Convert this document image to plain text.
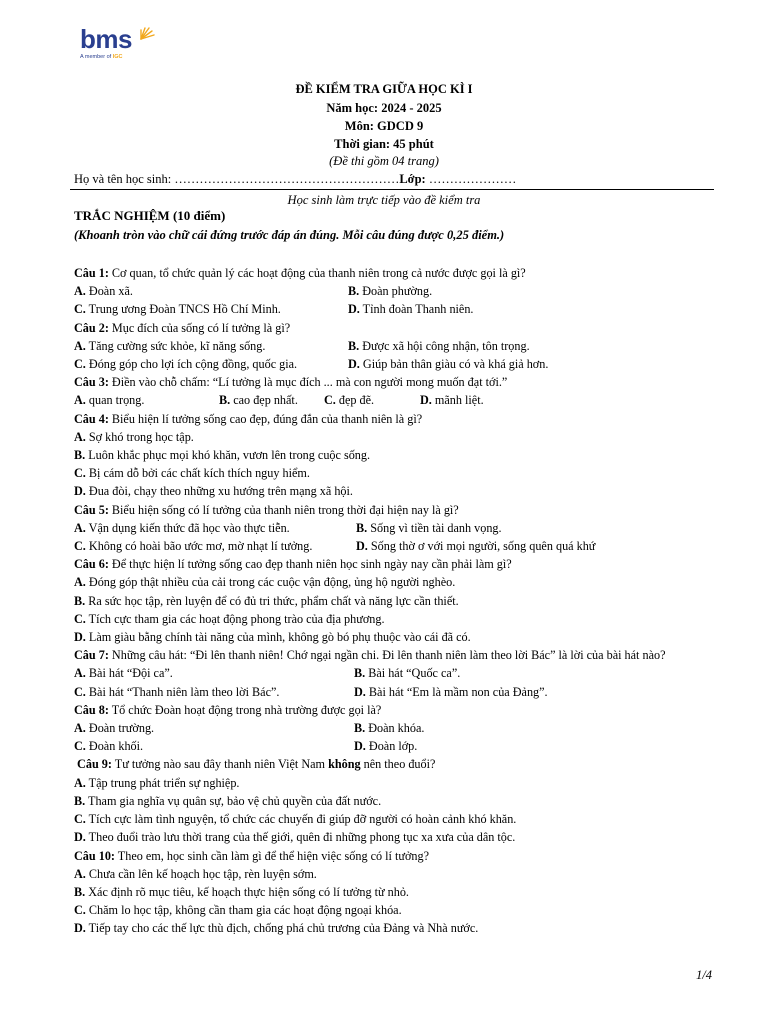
bms
A member of IGC
ĐỀ KIỂM TRA GIỮA HỌC KÌ I
Năm học: 2024 - 2025
Môn: GDCD 9
Thời gian: 45 phút
(Đề thi gồm 04 trang)
Họ và tên học sinh: ………………………………………………Lớp: …………………
Học sinh làm trực tiếp vào đề kiểm tra
TRẮC NGHIỆM (10 điểm)
(Khoanh tròn vào chữ cái đứng trước đáp án đúng. Mỗi câu đúng được 0,25 điểm.)
Câu 1: Cơ quan, tổ chức quản lý các hoạt động của thanh niên trong cả nước được gọi là gì?
A. Đoàn xã.	B. Đoàn phường.
C. Trung ương Đoàn TNCS Hồ Chí Minh.	D. Tỉnh đoàn Thanh niên.
Câu 2: Mục đích của sống có lí tưởng là gì?
A. Tăng cường sức khỏe, kĩ năng sống.	B. Được xã hội công nhận, tôn trọng.
C. Đóng góp cho lợi ích cộng đồng, quốc gia.	D. Giúp bản thân giàu có và khá giả hơn.
Câu 3: Điền vào chỗ chấm: “Lí tưởng là mục đích ... mà con người mong muốn đạt tới.”
A. quan trọng.	B. cao đẹp nhất.	C. đẹp đẽ.	D. mãnh liệt.
Câu 4: Biểu hiện lí tưởng sống cao đẹp, đúng đắn của thanh niên là gì?
A. Sợ khó trong học tập.
B. Luôn khắc phục mọi khó khăn, vươn lên trong cuộc sống.
C. Bị cám dỗ bởi các chất kích thích nguy hiểm.
D. Đua đòi, chạy theo những xu hướng trên mạng xã hội.
Câu 5: Biểu hiện sống có lí tưởng của thanh niên trong thời đại hiện nay là gì?
A. Vận dụng kiến thức đã học vào thực tiễn.	B. Sống vì tiền tài danh vọng.
C. Không có hoài bão ước mơ, mờ nhạt lí tưởng.	D. Sống thờ ơ với mọi người, sống quên quá khứ
Câu 6: Để thực hiện lí tưởng sống cao đẹp thanh niên học sinh ngày nay cần phải làm gì?
A. Đóng góp thật nhiều của cải trong các cuộc vận động, ủng hộ người nghèo.
B. Ra sức học tập, rèn luyện để có đủ tri thức, phẩm chất và năng lực cần thiết.
C. Tích cực tham gia các hoạt động phong trào của địa phương.
D. Làm giàu bằng chính tài năng của mình, không gò bó phụ thuộc vào cái đã có.
Câu 7: Những câu hát: “Đi lên thanh niên! Chớ ngại ngần chi. Đi lên thanh niên làm theo lời Bác” là lời của bài hát nào?
A. Bài hát “Đội ca”.	B. Bài hát “Quốc ca”.
C. Bài hát “Thanh niên làm theo lời Bác”.	D. Bài hát “Em là mầm non của Đảng”.
Câu 8: Tổ chức Đoàn hoạt động trong nhà trường được gọi là?
A. Đoàn trường.	B. Đoàn khóa.
C. Đoàn khối.	D. Đoàn lớp.
Câu 9: Tư tưởng nào sau đây thanh niên Việt Nam không nên theo đuổi?
A. Tập trung phát triển sự nghiệp.
B. Tham gia nghĩa vụ quân sự, bảo vệ chủ quyền của đất nước.
C. Tích cực làm tình nguyện, tổ chức các chuyến đi giúp đỡ người có hoàn cảnh khó khăn.
D. Theo đuổi trào lưu thời trang của thế giới, quên đi những phong tục xa xưa của dân tộc.
Câu 10: Theo em, học sinh cần làm gì để thể hiện việc sống có lí tưởng?
A. Chưa cần lên kế hoạch học tập, rèn luyện sớm.
B. Xác định rõ mục tiêu, kế hoạch thực hiện sống có lí tưởng từ nhỏ.
C. Chăm lo học tập, không cần tham gia các hoạt động ngoại khóa.
D. Tiếp tay cho các thế lực thù địch, chống phá chủ trương của Đảng và Nhà nước.
1/4
